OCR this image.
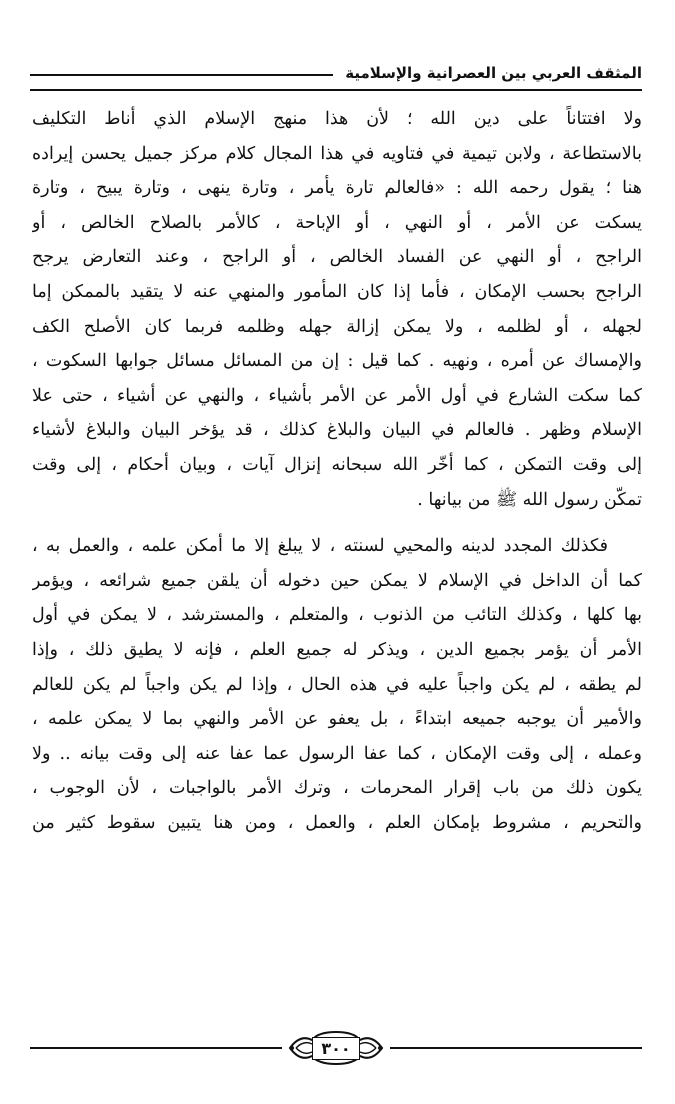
المثقف العربي بين العصرانية والإسلامية
ولا افتتاناً على دين الله ؛ لأن هذا منهج الإسلام الذي أناط التكليف
بالاستطاعة ، ولابن تيمية في فتاويه في هذا المجال كلام مركز جميل يحسن إيراده
هنا ؛ يقول رحمه الله : «فالعالم تارة يأمر ، وتارة ينهى ، وتارة يبيح ، وتارة
يسكت عن الأمر ، أو النهي ، أو الإباحة ، كالأمر بالصلاح الخالص ، أو
الراجح ، أو النهي عن الفساد الخالص ، أو الراجح ، وعند التعارض يرجح
الراجح بحسب الإمكان ، فأما إذا كان المأمور والمنهي عنه لا يتقيد بالممكن إما
لجهله ، أو لظلمه ، ولا يمكن إزالة جهله وظلمه فربما كان الأصلح الكف
والإمساك عن أمره ، ونهيه . كما قيل : إن من المسائل مسائل جوابها السكوت ،
كما سكت الشارع في أول الأمر عن الأمر بأشياء ، والنهي عن أشياء ، حتى علا
الإسلام وظهر . فالعالم في البيان والبلاغ كذلك ، قد يؤخر البيان والبلاغ لأشياء
إلى وقت التمكن ، كما أخّر الله سبحانه إنزال آيات ، وبيان أحكام ، إلى وقت
تمكّن رسول الله ﷺ من بيانها .
فكذلك المجدد لدينه والمحيي لسنته ، لا يبلغ إلا ما أمكن علمه ، والعمل به ،
كما أن الداخل في الإسلام لا يمكن حين دخوله أن يلقن جميع شرائعه ، ويؤمر
بها كلها ، وكذلك التائب من الذنوب ، والمتعلم ، والمسترشد ، لا يمكن في أول
الأمر أن يؤمر بجميع الدين ، ويذكر له جميع العلم ، فإنه لا يطيق ذلك ، وإذا
لم يطقه ، لم يكن واجباً عليه في هذه الحال ، وإذا لم يكن واجباً لم يكن للعالم
والأمير أن يوجبه جميعه ابتداءً ، بل يعفو عن الأمر والنهي بما لا يمكن علمه ،
وعمله ، إلى وقت الإمكان ، كما عفا الرسول عما عفا عنه إلى وقت بيانه .. ولا
يكون ذلك من باب إقرار المحرمات ، وترك الأمر بالواجبات ، لأن الوجوب ،
والتحريم ، مشروط بإمكان العلم ، والعمل ، ومن هنا يتبين سقوط كثير من
٣٠٠
